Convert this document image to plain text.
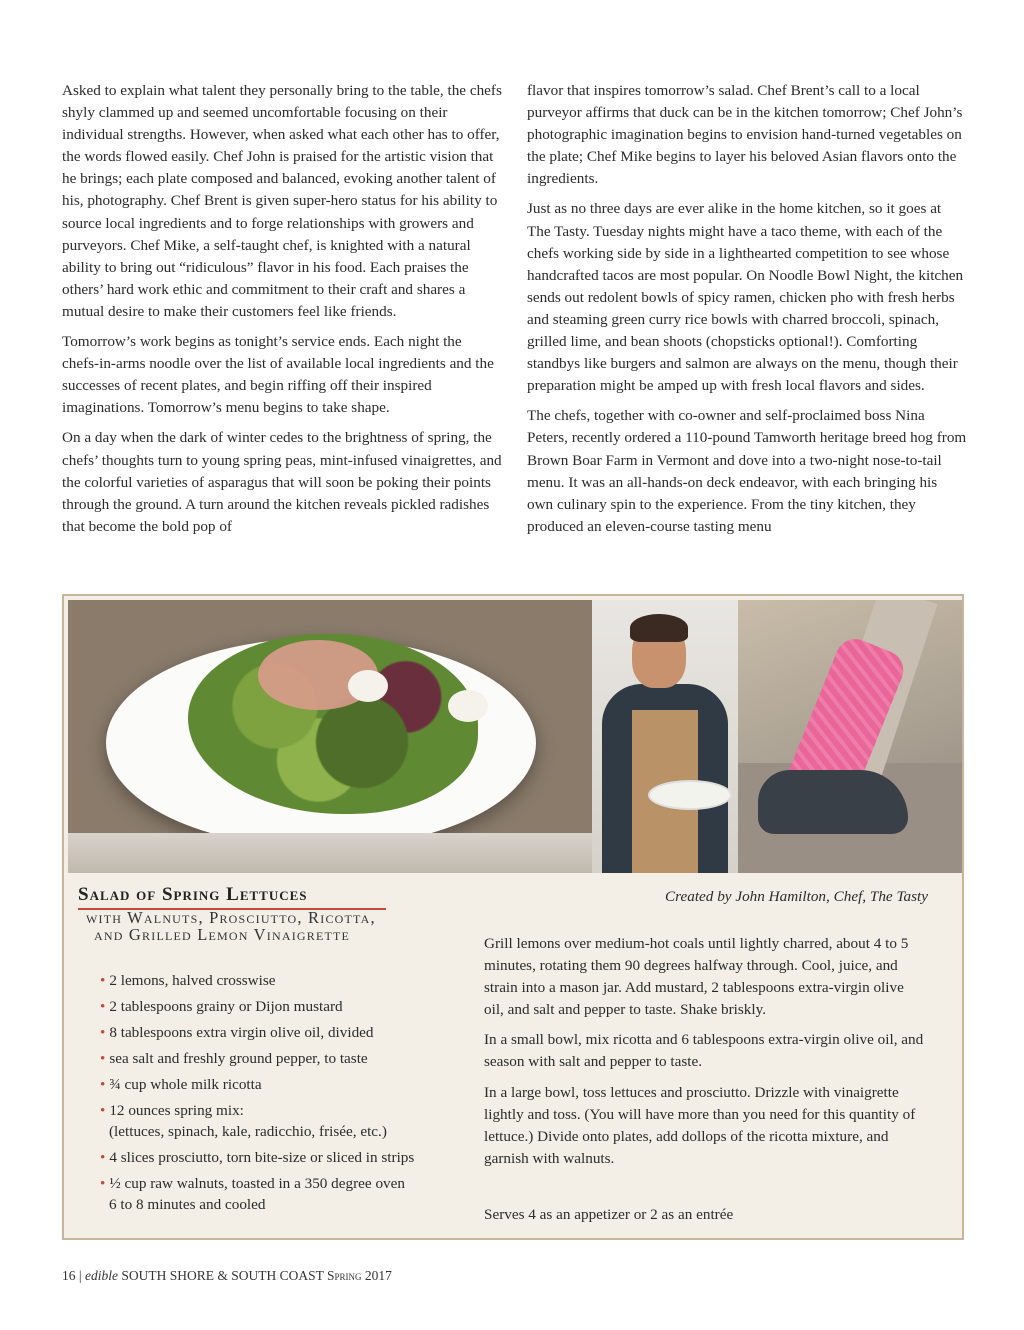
Asked to explain what talent they personally bring to the table, the chefs shyly clammed up and seemed uncomfortable focusing on their individual strengths. However, when asked what each other has to offer, the words flowed easily. Chef John is praised for the artistic vision that he brings; each plate composed and balanced, evoking another talent of his, photography. Chef Brent is given super-hero status for his ability to source local ingredients and to forge relationships with growers and purveyors. Chef Mike, a self-taught chef, is knighted with a natural ability to bring out “ridiculous” flavor in his food. Each praises the others’ hard work ethic and commitment to their craft and shares a mutual desire to make their customers feel like friends.

Tomorrow’s work begins as tonight’s service ends. Each night the chefs-in-arms noodle over the list of available local ingredients and the successes of recent plates, and begin riffing off their inspired imaginations. Tomorrow’s menu begins to take shape.

On a day when the dark of winter cedes to the brightness of spring, the chefs’ thoughts turn to young spring peas, mint-infused vinaigrettes, and the colorful varieties of asparagus that will soon be poking their points through the ground. A turn around the kitchen reveals pickled radishes that become the bold pop of

flavor that inspires tomorrow’s salad. Chef Brent’s call to a local purveyor affirms that duck can be in the kitchen tomorrow; Chef John’s photographic imagination begins to envision hand-turned vegetables on the plate; Chef Mike begins to layer his beloved Asian flavors onto the ingredients.

Just as no three days are ever alike in the home kitchen, so it goes at The Tasty. Tuesday nights might have a taco theme, with each of the chefs working side by side in a lighthearted competition to see whose handcrafted tacos are most popular. On Noodle Bowl Night, the kitchen sends out redolent bowls of spicy ramen, chicken pho with fresh herbs and steaming green curry rice bowls with charred broccoli, spinach, grilled lime, and bean shoots (chopsticks optional!). Comforting standbys like burgers and salmon are always on the menu, though their preparation might be amped up with fresh local flavors and sides.

The chefs, together with co-owner and self-proclaimed boss Nina Peters, recently ordered a 110-pound Tamworth heritage breed hog from Brown Boar Farm in Vermont and dove into a two-night nose-to-tail menu. It was an all-hands-on deck endeavor, with each bringing his own culinary spin to the experience. From the tiny kitchen, they produced an eleven-course tasting menu

Salad of Spring Lettuces
with Walnuts, Prosciutto, Ricotta,
and Grilled Lemon Vinaigrette
Created by John Hamilton, Chef, The Tasty
• 2 lemons, halved crosswise
• 2 tablespoons grainy or Dijon mustard
• 8 tablespoons extra virgin olive oil, divided
• sea salt and freshly ground pepper, to taste
• ¾ cup whole milk ricotta
• 12 ounces spring mix:
(lettuces, spinach, kale, radicchio, frisée, etc.)
• 4 slices prosciutto, torn bite-size or sliced in strips
• ½ cup raw walnuts, toasted in a 350 degree oven
6 to 8 minutes and cooled

Grill lemons over medium-hot coals until lightly charred, about 4 to 5 minutes, rotating them 90 degrees halfway through. Cool, juice, and strain into a mason jar. Add mustard, 2 tablespoons extra-virgin olive oil, and salt and pepper to taste. Shake briskly.

In a small bowl, mix ricotta and 6 tablespoons extra-virgin olive oil, and season with salt and pepper to taste.

In a large bowl, toss lettuces and prosciutto. Drizzle with vinaigrette lightly and toss. (You will have more than you need for this quantity of lettuce.) Divide onto plates, add dollops of the ricotta mixture, and garnish with walnuts.

Serves 4 as an appetizer or 2 as an entrée
16 | edible SOUTH SHORE & SOUTH COAST Spring 2017
